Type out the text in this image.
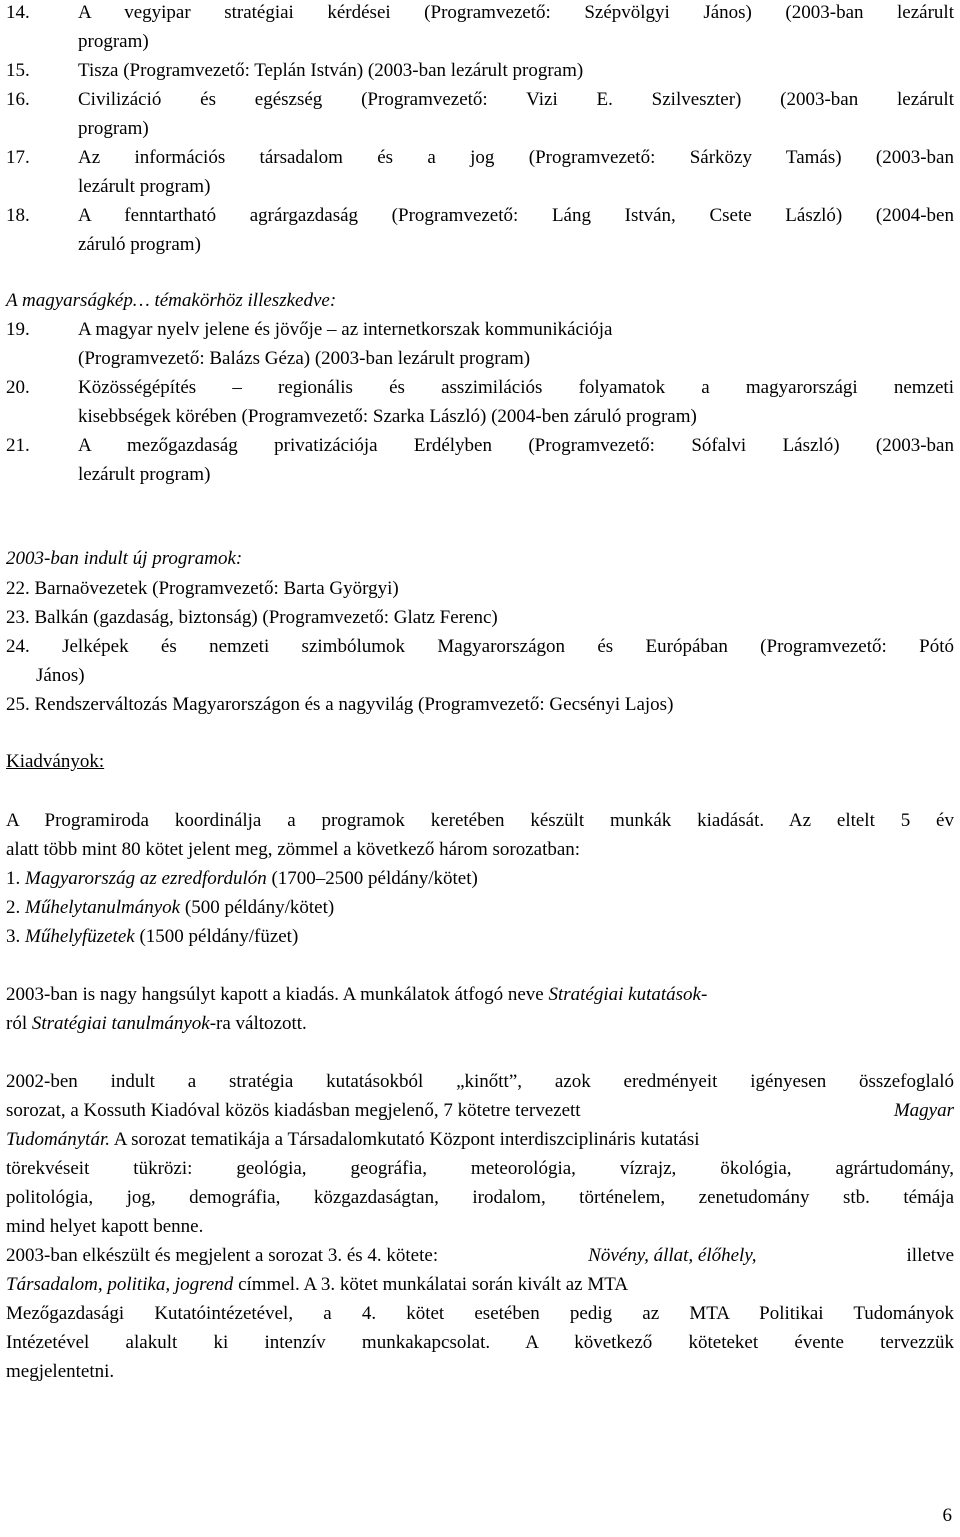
14.	A vegyipar stratégiai kérdései (Programvezető: Szépvölgyi János) (2003-ban lezárult
program)
15.	Tisza (Programvezető: Teplán István) (2003-ban lezárult program)
16.	Civilizáció és egészség (Programvezető: Vizi E. Szilveszter) (2003-ban lezárult
program)
17.	Az információs társadalom és a jog (Programvezető: Sárközy Tamás) (2003-ban
lezárult program)
18.	A fenntartható agrárgazdaság (Programvezető: Láng István, Csete László) (2004-ben
záruló program)
A magyarságkép… témakörhöz illeszkedve:
19.	A magyar nyelv jelene és jövője – az internetkorszak kommunikációja
(Programvezető: Balázs Géza) (2003-ban lezárult program)
20.	Közösségépítés – regionális és asszimilációs folyamatok a magyarországi nemzeti
kisebbségek körében (Programvezető: Szarka László) (2004-ben záruló program)
21.	A mezőgazdaság privatizációja Erdélyben (Programvezető: Sófalvi László) (2003-ban
lezárult program)
2003-ban indult új programok:
22. Barnaövezetek (Programvezető: Barta Györgyi)
23. Balkán (gazdaság, biztonság) (Programvezető: Glatz Ferenc)
24. Jelképek és nemzeti szimbólumok Magyarországon és Európában (Programvezető: Pótó
János)
25. Rendszerváltozás Magyarországon és a nagyvilág (Programvezető: Gecsényi Lajos)
Kiadványok:
A Programiroda koordinálja a programok keretében készült munkák kiadását. Az eltelt 5 év
alatt több mint 80 kötet jelent meg, zömmel a következő három sorozatban:
1. Magyarország az ezredfordulón (1700–2500 példány/kötet)
2. Műhelytanulmányok (500 példány/kötet)
3. Műhelyfüzetek (1500 példány/füzet)
2003-ban is nagy hangsúlyt kapott a kiadás. A munkálatok átfogó neve Stratégiai kutatások-
ról Stratégiai tanulmányok-ra változott.
2002-ben indult a stratégia kutatásokból „kinőtt”, azok eredményeit igényesen összefoglaló
sorozat, a Kossuth Kiadóval közös kiadásban megjelenő, 7 kötetre tervezett	Magyar
Tudománytár. A sorozat tematikája a Társadalomkutató Központ interdiszciplináris kutatási
törekvéseit tükrözi: geológia, geográfia, meteorológia, vízrajz, ökológia, agrártudomány,
politológia, jog, demográfia, közgazdaságtan, irodalom, történelem, zenetudomány stb. témája
mind helyet kapott benne.
2003-ban elkészült és megjelent a sorozat 3. és 4. kötete:	Növény, állat, élőhely,	illetve
Társadalom, politika, jogrend címmel. A 3. kötet munkálatai során kivált az MTA
Mezőgazdasági Kutatóintézetével, a 4. kötet esetében pedig az MTA Politikai Tudományok
Intézetével alakult ki intenzív munkakapcsolat. A következő köteteket évente tervezzük
megjelentetni.
6
